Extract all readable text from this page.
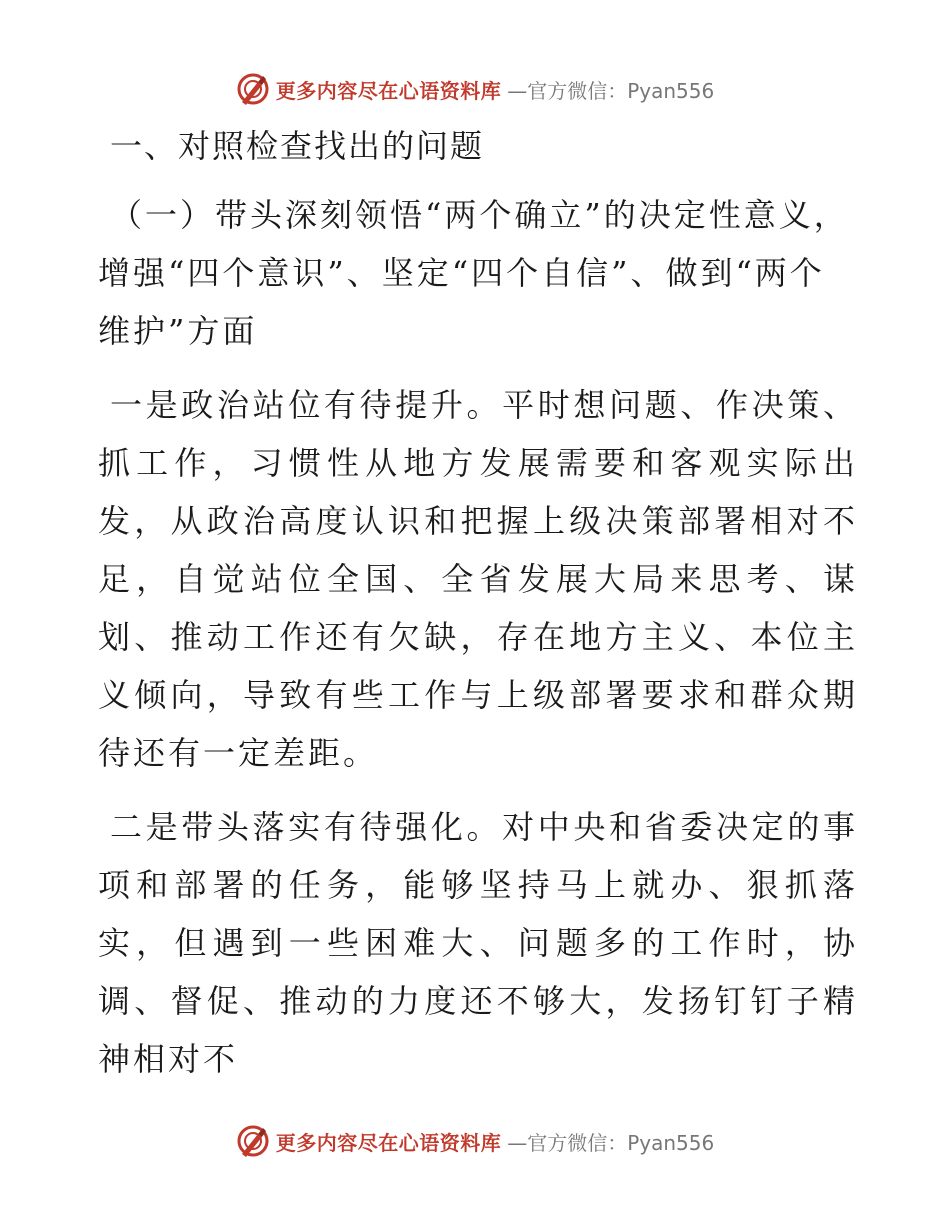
更多内容尽在心语资料库 —官方微信：Pyan556
一、对照检查找出的问题
（一）带头深刻领悟“两个确立”的决定性意义，增强“四个意识”、坚定“四个自信”、做到“两个维护”方面
一是政治站位有待提升。平时想问题、作决策、抓工作，习惯性从地方发展需要和客观实际出发，从政治高度认识和把握上级决策部署相对不足，自觉站位全国、全省发展大局来思考、谋划、推动工作还有欠缺，存在地方主义、本位主义倾向，导致有些工作与上级部署要求和群众期待还有一定差距。
二是带头落实有待强化。对中央和省委决定的事项和部署的任务，能够坚持马上就办、狠抓落实，但遇到一些困难大、问题多的工作时，协调、督促、推动的力度还不够大，发扬钉钉子精神相对不
更多内容尽在心语资料库 —官方微信：Pyan556
